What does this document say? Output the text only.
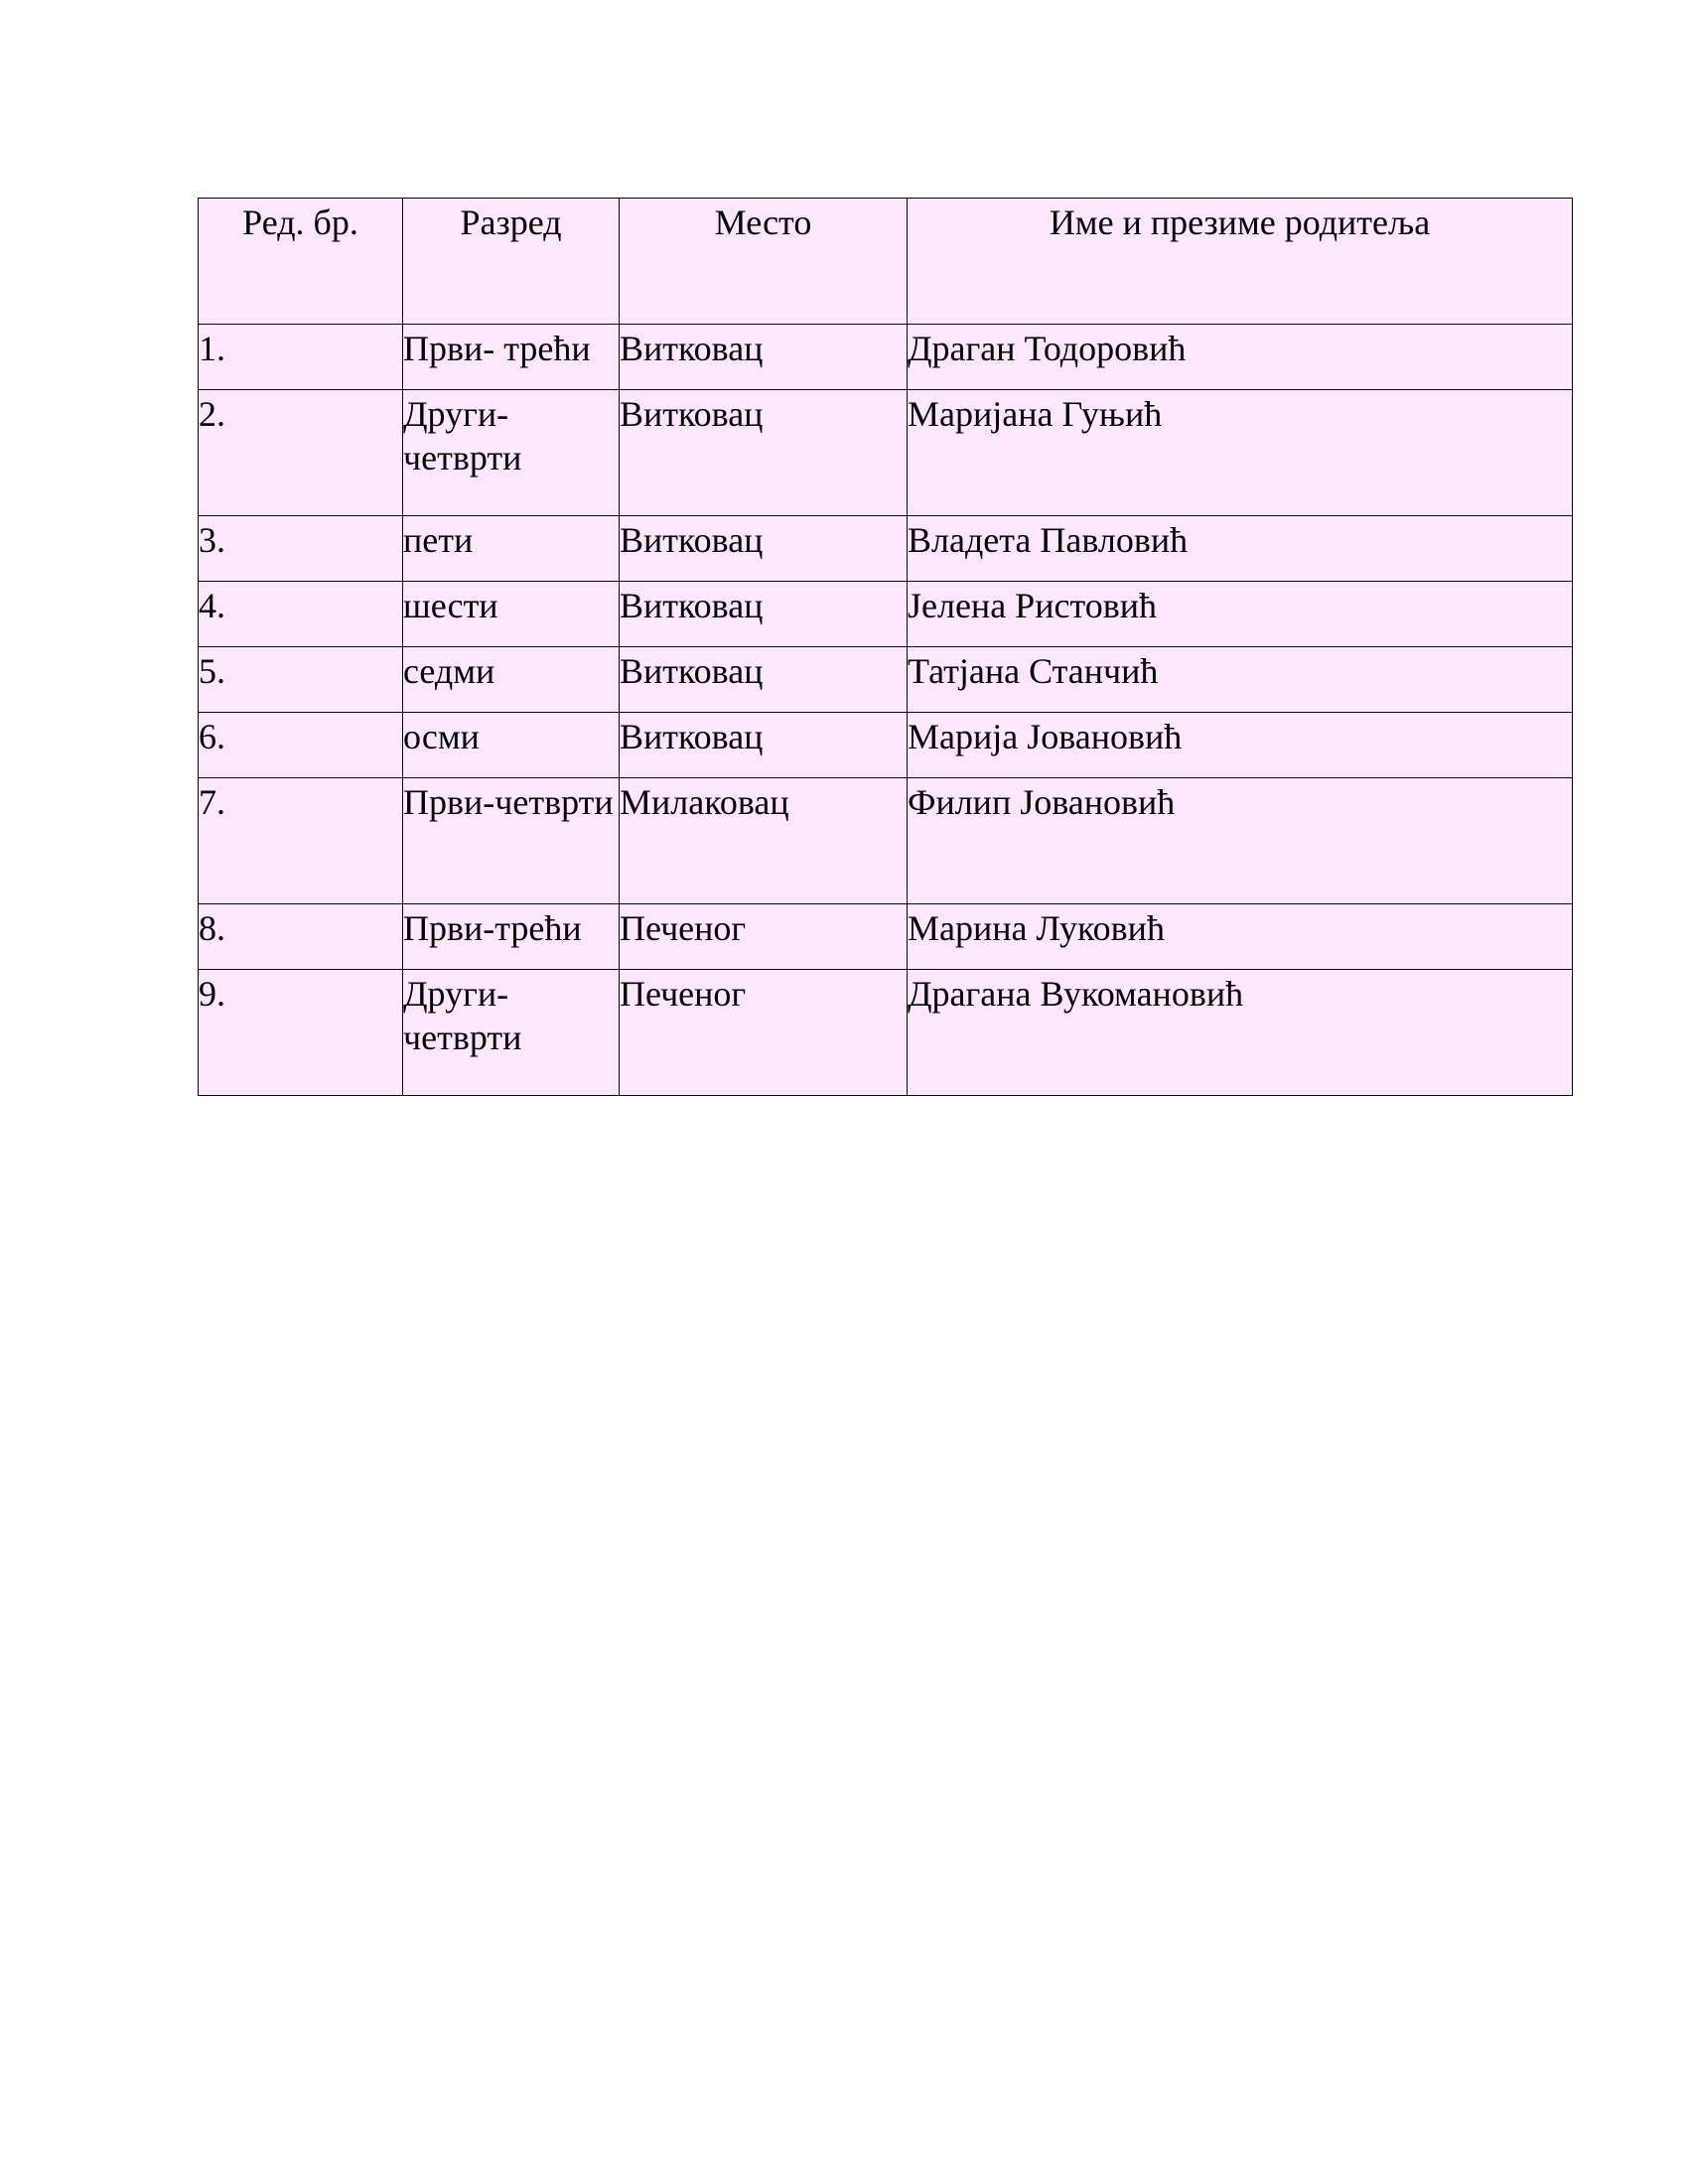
Ред. бр.	Разред	Место	Име и презиме родитеља
1.	Први- трећи	Витковац	Драган Тодоровић
2.	Други-четврти	Витковац	Маријана Гуњић
3.	пети	Витковац	Владета Павловић
4.	шести	Витковац	Јелена Ристовић
5.	седми	Витковац	Татјана Станчић
6.	осми	Витковац	Марија Јовановић
7.	Први-четврти	Милаковац	Филип Јовановић
8.	Први-трећи	Печеног	Марина Луковић
9.	Други-четврти	Печеног	Драгана Вукомановић
